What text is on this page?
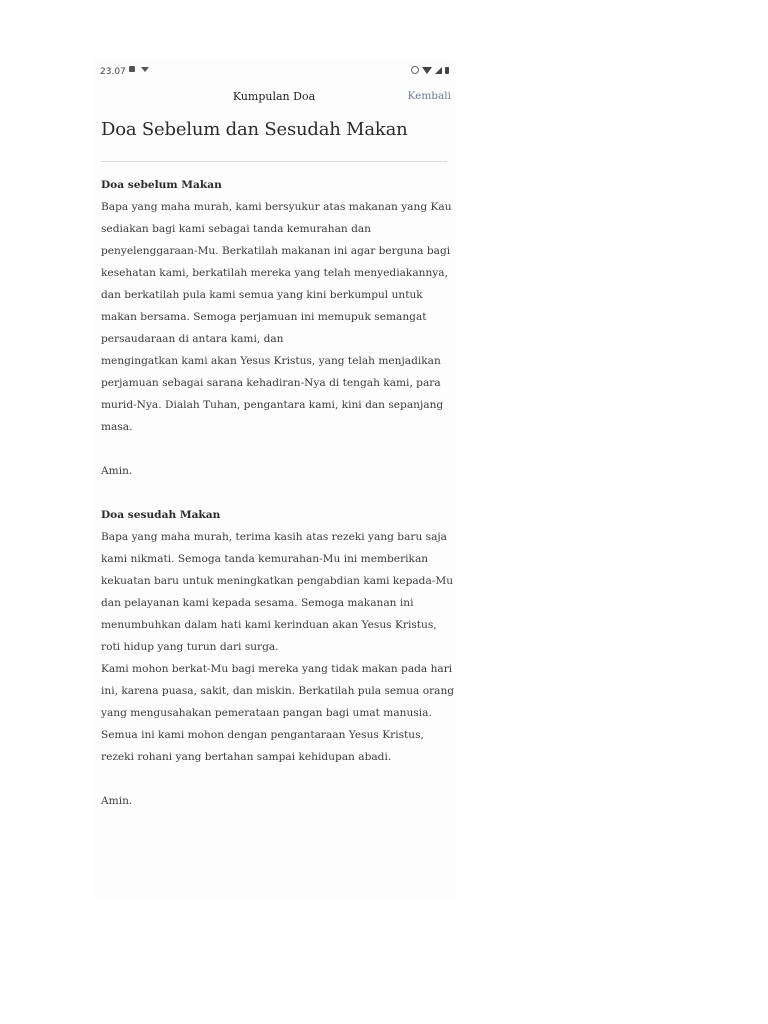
23.07
Kumpulan Doa	Kembali
Doa Sebelum dan Sesudah Makan
Doa sebelum Makan
Bapa yang maha murah, kami bersyukur atas makanan yang Kau
sediakan bagi kami sebagai tanda kemurahan dan
penyelenggaraan-Mu. Berkatilah makanan ini agar berguna bagi
kesehatan kami, berkatilah mereka yang telah menyediakannya,
dan berkatilah pula kami semua yang kini berkumpul untuk
makan bersama. Semoga perjamuan ini memupuk semangat
persaudaraan di antara kami, dan
mengingatkan kami akan Yesus Kristus, yang telah menjadikan
perjamuan sebagai sarana kehadiran-Nya di tengah kami, para
murid-Nya. Dialah Tuhan, pengantara kami, kini dan sepanjang
masa.
Amin.
Doa sesudah Makan
Bapa yang maha murah, terima kasih atas rezeki yang baru saja
kami nikmati. Semoga tanda kemurahan-Mu ini memberikan
kekuatan baru untuk meningkatkan pengabdian kami kepada-Mu
dan pelayanan kami kepada sesama. Semoga makanan ini
menumbuhkan dalam hati kami kerinduan akan Yesus Kristus,
roti hidup yang turun dari surga.
Kami mohon berkat-Mu bagi mereka yang tidak makan pada hari
ini, karena puasa, sakit, dan miskin. Berkatilah pula semua orang
yang mengusahakan pemerataan pangan bagi umat manusia.
Semua ini kami mohon dengan pengantaraan Yesus Kristus,
rezeki rohani yang bertahan sampai kehidupan abadi.
Amin.
